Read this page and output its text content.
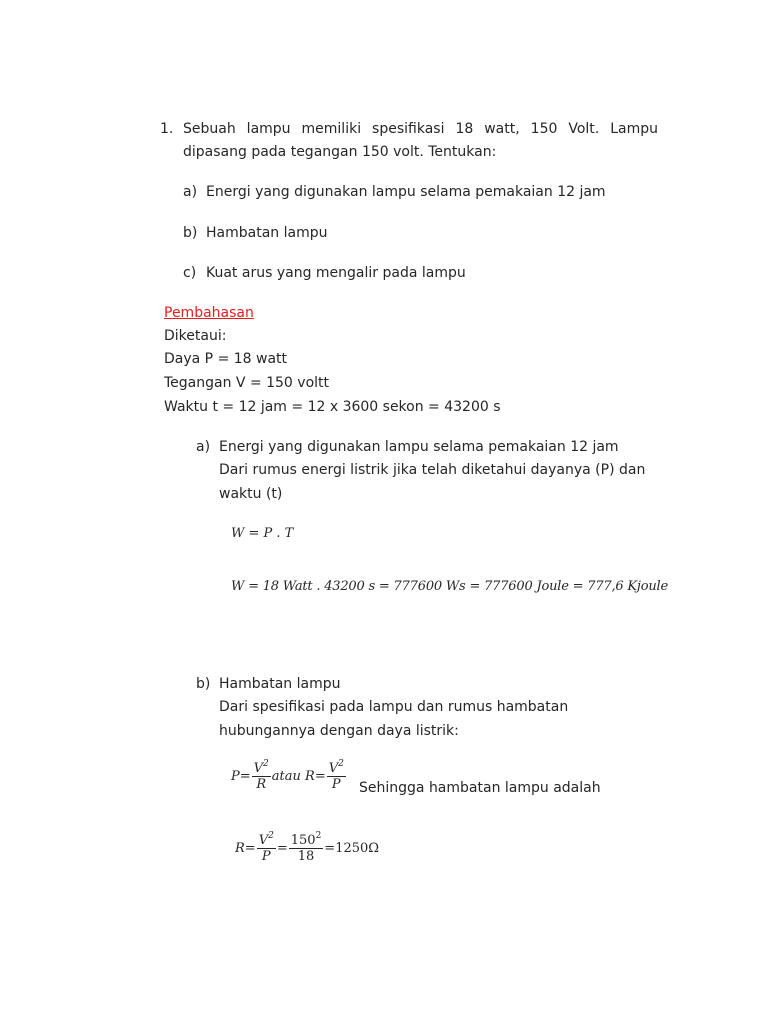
1. Sebuah lampu memiliki spesifikasi 18 watt, 150 Volt. Lampu
dipasang pada tegangan 150 volt. Tentukan:
a) Energi yang digunakan lampu selama pemakaian 12 jam
b) Hambatan lampu
c) Kuat arus yang mengalir pada lampu
Pembahasan
Diketaui:
Daya P = 18 watt
Tegangan V = 150 voltt
Waktu t = 12 jam = 12 x 3600 sekon = 43200 s
a) Energi yang digunakan lampu selama pemakaian 12 jam
Dari rumus energi listrik jika telah diketahui dayanya (P) dan
waktu (t)
W = P . T
W = 18 Watt . 43200 s = 777600 Ws = 777600 Joule = 777,6 Kjoule
b) Hambatan lampu
Dari spesifikasi pada lampu dan rumus hambatan
hubungannya dengan daya listrik:
$P= \frac{V^2}{R}$ atau $R= \frac{V^2}{P}$ Sehingga hambatan lampu adalah
$R= \frac{V^2}{P} = \frac{150^2}{18} =1250\Omega$
